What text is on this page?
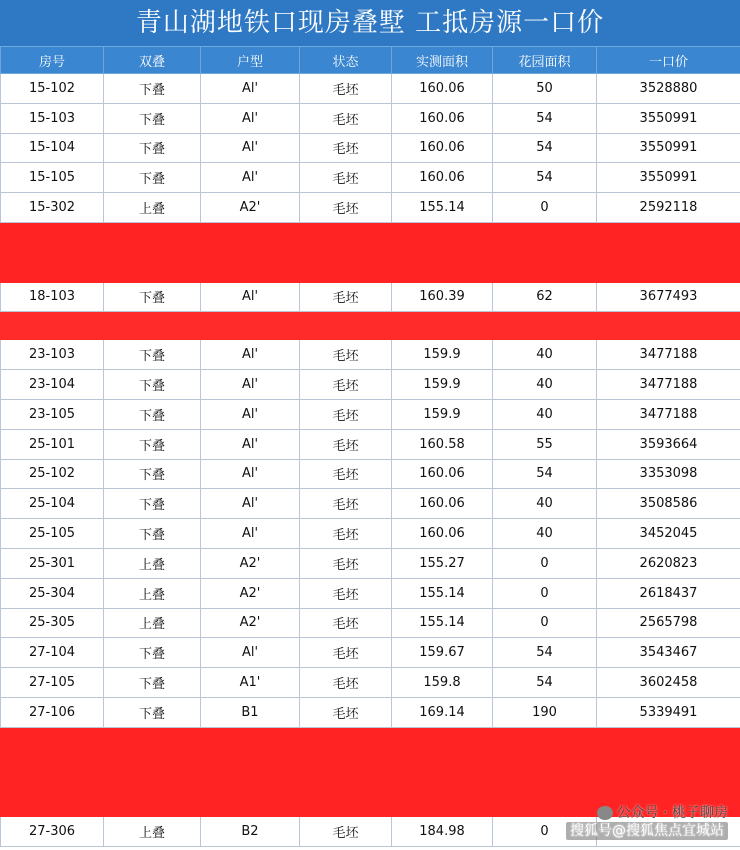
青山湖地铁口现房叠墅 工抵房源一口价
房号	双叠	户型	状态	实测面积	花园面积	一口价
15-102	下叠	Al'	毛坯	160.06	50	3528880
15-103	下叠	Al'	毛坯	160.06	54	3550991
15-104	下叠	Al'	毛坯	160.06	54	3550991
15-105	下叠	Al'	毛坯	160.06	54	3550991
15-302	上叠	A2'	毛坯	155.14	0	2592118

18-103	下叠	Al'	毛坯	160.39	62	3677493

23-103	下叠	Al'	毛坯	159.9	40	3477188
23-104	下叠	Al'	毛坯	159.9	40	3477188
23-105	下叠	Al'	毛坯	159.9	40	3477188
25-101	下叠	Al'	毛坯	160.58	55	3593664
25-102	下叠	Al'	毛坯	160.06	54	3353098
25-104	下叠	Al'	毛坯	160.06	40	3508586
25-105	下叠	Al'	毛坯	160.06	40	3452045
25-301	上叠	A2'	毛坯	155.27	0	2620823
25-304	上叠	A2'	毛坯	155.14	0	2618437
25-305	上叠	A2'	毛坯	155.14	0	2565798
27-104	下叠	Al'	毛坯	159.67	54	3543467
27-105	下叠	A1'	毛坯	159.8	54	3602458
27-106	下叠	B1	毛坯	169.14	190	5339491

27-306	上叠	B2	毛坯	184.98	0	
公众号 · 桃子聊房
搜狐号@搜狐焦点宜城站
